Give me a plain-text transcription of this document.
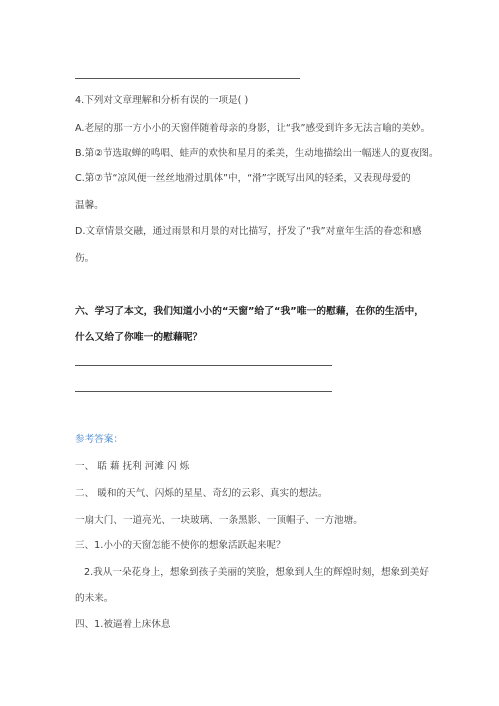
4.下列对文章理解和分析有误的一项是( )
A.老屋的那一方小小的天窗伴随着母亲的身影，让“我”感受到许多无法言喻的美妙。
B.第②节选取蝉的鸣唱、蛙声的欢快和星月的柔美，生动地描绘出一幅迷人的夏夜图。
C.第⑦节“凉风便一丝丝地滑过肌体”中，“滑”字既写出风的轻柔，又表现母爱的
温馨。
D.文章情景交融，通过雨景和月景的对比描写，抒发了“我”对童年生活的眷恋和感
伤。
六、学习了本文，我们知道小小的“天窗”给了“我”唯一的慰藉，在你的生活中，
什么又给了你唯一的慰藉呢？
参考答案：
一、 聒 藉 抚利 河滩 闪 烁
二、 暖和的天气、闪烁的星星、奇幻的云彩、真实的想法。
一扇大门、一道亮光、一块玻璃、一条黑影、一顶帽子、一方池塘。
三、1.小小的天窗怎能不使你的想象活跃起来呢？
2.我从一朵花身上，想象到孩子美丽的笑脸，想象到人生的辉煌时刻，想象到美好
的未来。
四、1.被逼着上床休息
